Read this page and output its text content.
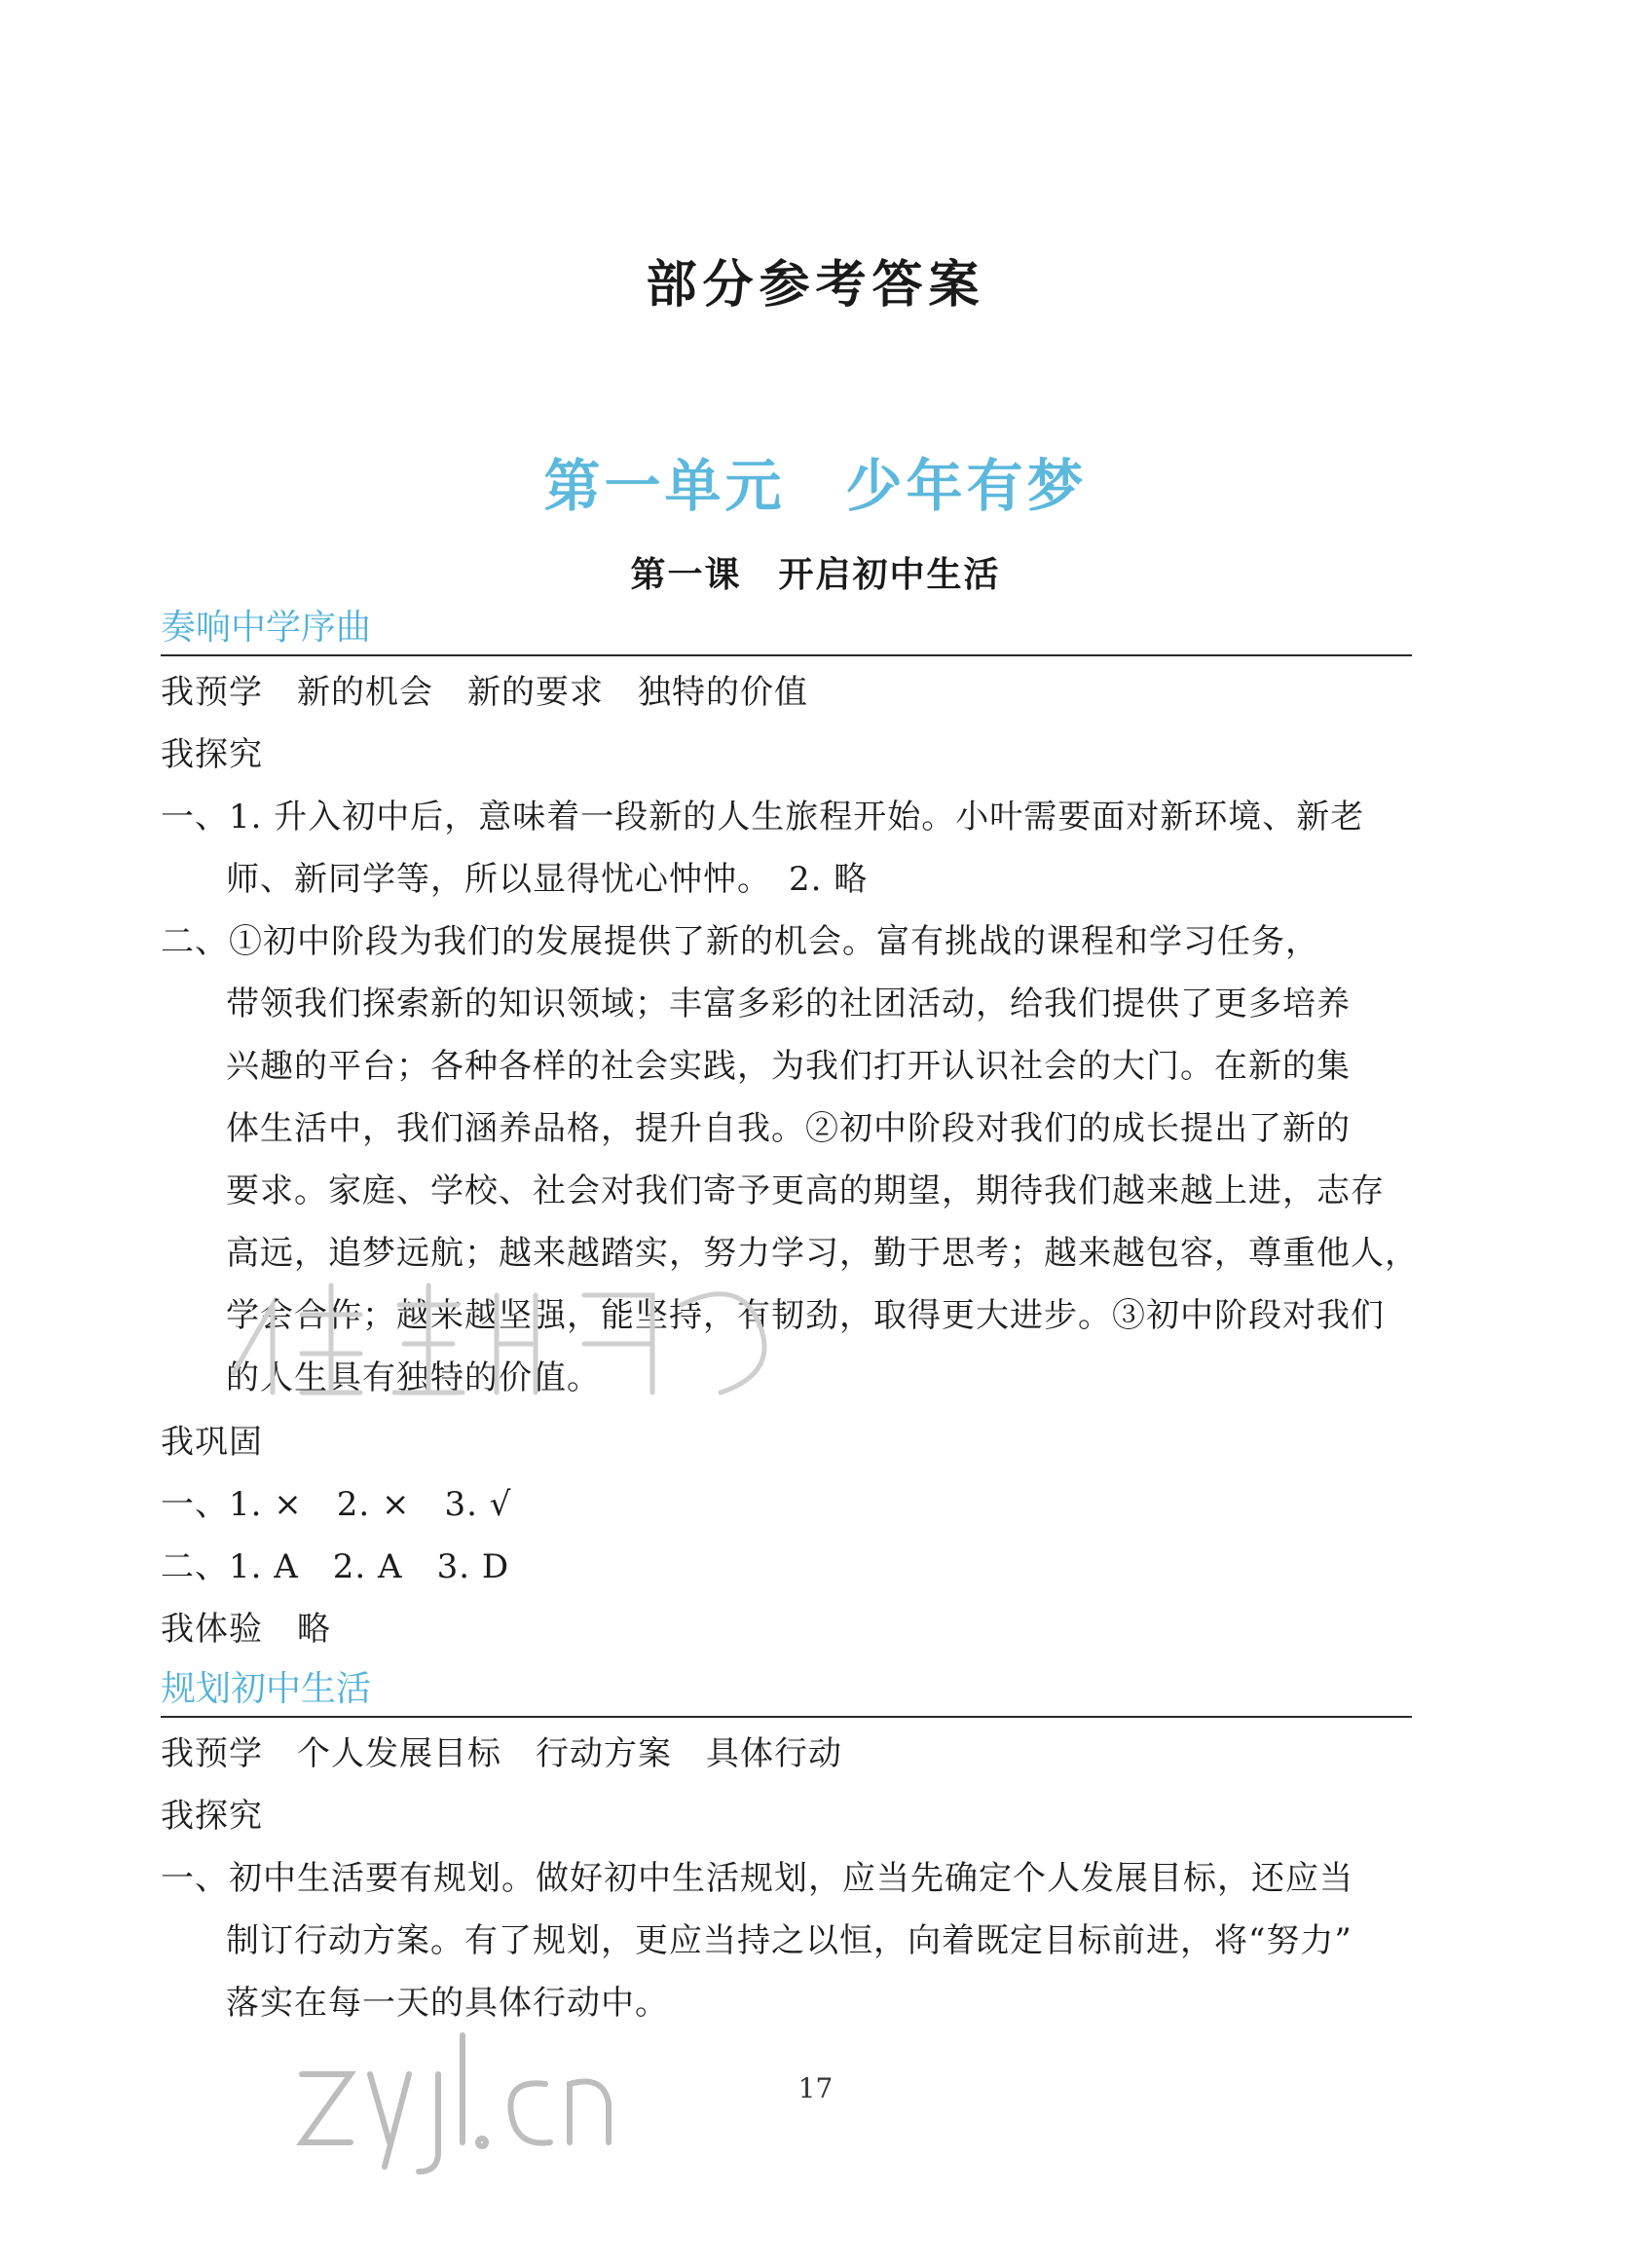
部分参考答案
第一单元　少年有梦
第一课　开启初中生活
奏响中学序曲
我预学　新的机会　新的要求　独特的价值
我探究
一、1. 升入初中后，意味着一段新的人生旅程开始。小叶需要面对新环境、新老
师、新同学等，所以显得忧心忡忡。　2. 略
二、①初中阶段为我们的发展提供了新的机会。富有挑战的课程和学习任务，
带领我们探索新的知识领域；丰富多彩的社团活动，给我们提供了更多培养
兴趣的平台；各种各样的社会实践，为我们打开认识社会的大门。在新的集
体生活中，我们涵养品格，提升自我。②初中阶段对我们的成长提出了新的
要求。家庭、学校、社会对我们寄予更高的期望，期待我们越来越上进，志存
高远，追梦远航；越来越踏实，努力学习，勤于思考；越来越包容，尊重他人，
学会合作；越来越坚强，能坚持，有韧劲，取得更大进步。③初中阶段对我们
的人生具有独特的价值。
我巩固
一、1. ×　2. ×　3. √
二、1. A　2. A　3. D
我体验　略
规划初中生活
我预学　个人发展目标　行动方案　具体行动
我探究
一、初中生活要有规划。做好初中生活规划，应当先确定个人发展目标，还应当
制订行动方案。有了规划，更应当持之以恒，向着既定目标前进，将“努力”
落实在每一天的具体行动中。
17
